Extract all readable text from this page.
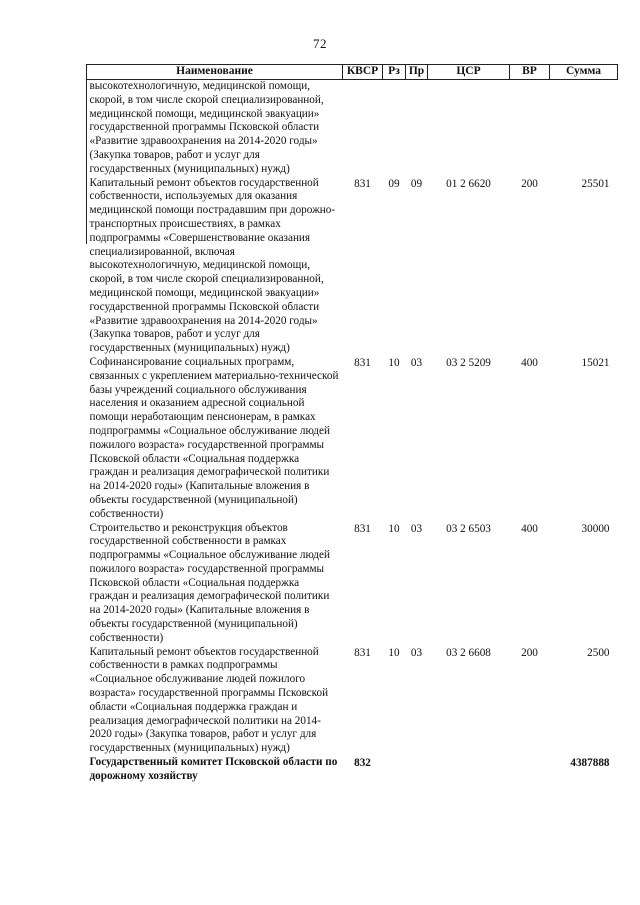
72
Наименование	КВСР	Рз	Пр	ЦСР	ВР	Сумма
высокотехнологичную, медицинской помощи, скорой, в том числе скорой специализированной, медицинской помощи, медицинской эвакуации» государственной программы Псковской области «Развитие здравоохранения на 2014-2020 годы» (Закупка товаров, работ и услуг для государственных (муниципальных) нужд)						
Капитальный ремонт объектов государственной собственности, используемых для оказания медицинской помощи пострадавшим при дорожно-транспортных происшествиях, в рамках подпрограммы «Совершенствование оказания специализированной, включая высокотехнологичную, медицинской помощи, скорой, в том числе скорой специализированной, медицинской помощи, медицинской эвакуации» государственной программы Псковской области «Развитие здравоохранения на 2014-2020 годы» (Закупка товаров, работ и услуг для государственных (муниципальных) нужд)	831	09	09	01 2 6620	200	25501
Софинансирование социальных программ, связанных с укреплением материально-технической базы учреждений социального обслуживания населения и оказанием адресной социальной помощи неработающим пенсионерам, в рамках подпрограммы «Социальное обслуживание людей пожилого возраста» государственной программы Псковской области «Социальная поддержка граждан и реализация демографической политики на 2014-2020 годы» (Капитальные вложения в объекты государственной (муниципальной) собственности)	831	10	03	03 2 5209	400	15021
Строительство и реконструкция объектов государственной собственности в рамках подпрограммы «Социальное обслуживание людей пожилого возраста» государственной программы Псковской области «Социальная поддержка граждан и реализация демографической политики на 2014-2020 годы» (Капитальные вложения в объекты государственной (муниципальной) собственности)	831	10	03	03 2 6503	400	30000
Капитальный ремонт объектов государственной собственности в рамках подпрограммы «Социальное обслуживание людей пожилого возраста» государственной программы Псковской области «Социальная поддержка граждан и реализация демографической политики на 2014-2020 годы» (Закупка товаров, работ и услуг для государственных (муниципальных) нужд)	831	10	03	03 2 6608	200	2500
Государственный комитет Псковской области по дорожному хозяйству	832					4387888
